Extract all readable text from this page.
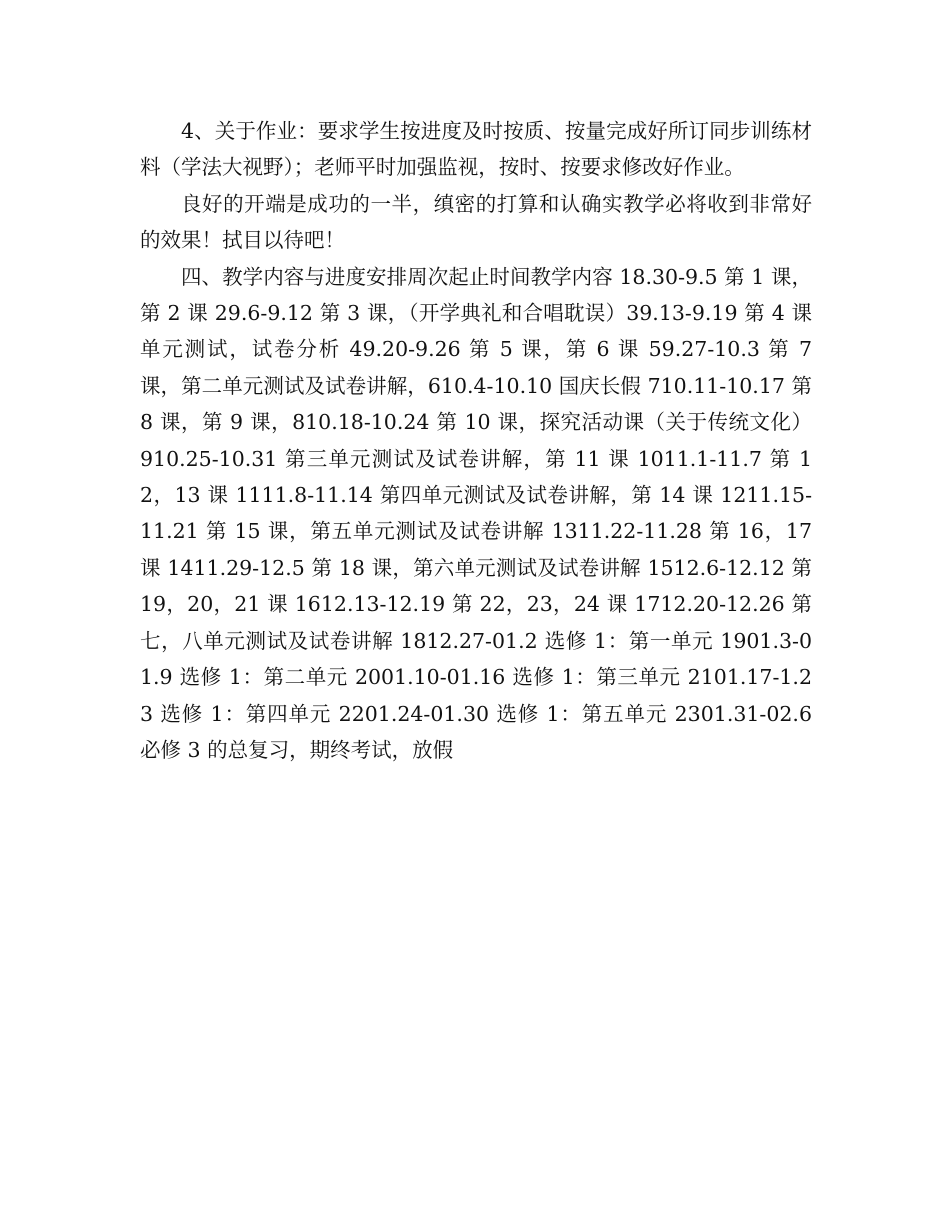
4、关于作业：要求学生按进度及时按质、按量完成好所订同步训练材料（学法大视野）；老师平时加强监视，按时、按要求修改好作业。

良好的开端是成功的一半，缜密的打算和认确实教学必将收到非常好的效果！拭目以待吧！

四、教学内容与进度安排周次起止时间教学内容 18.30-9.5 第 1 课，第 2 课 29.6-9.12 第 3 课，（开学典礼和合唱耽误）39.13-9.19 第 4 课单元测试，试卷分析 49.20-9.26 第 5 课，第 6 课 59.27-10.3 第 7 课，第二单元测试及试卷讲解，610.4-10.10 国庆长假 710.11-10.17 第 8 课，第 9 课，810.18-10.24 第 10 课，探究活动课（关于传统文化）910.25-10.31 第三单元测试及试卷讲解，第 11 课 1011.1-11.7 第 12，13 课 1111.8-11.14 第四单元测试及试卷讲解，第 14 课 1211.15-11.21 第 15 课，第五单元测试及试卷讲解 1311.22-11.28 第 16，17 课 1411.29-12.5 第 18 课，第六单元测试及试卷讲解 1512.6-12.12 第 19，20，21 课 1612.13-12.19 第 22，23，24 课 1712.20-12.26 第七，八单元测试及试卷讲解 1812.27-01.2 选修 1：第一单元 1901.3-01.9 选修 1：第二单元 2001.10-01.16 选修 1：第三单元 2101.17-1.23 选修 1：第四单元 2201.24-01.30 选修 1：第五单元 2301.31-02.6 必修 3 的总复习，期终考试，放假
